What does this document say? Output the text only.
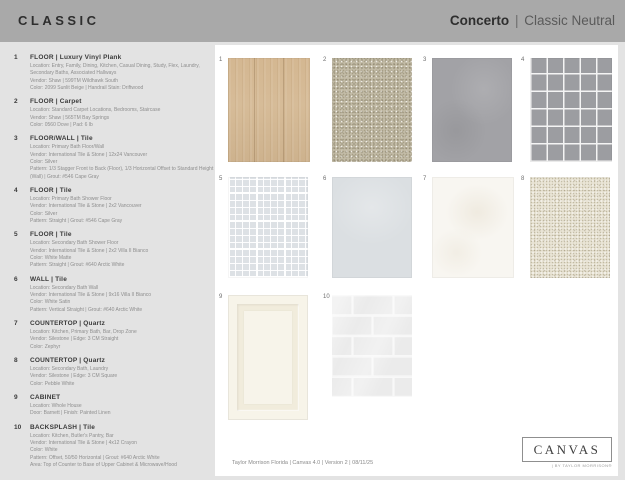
CLASSIC	Concerto | Classic Neutral
1	FLOOR | Luxury Vinyl Plank
Location: Entry, Family, Dining, Kitchen, Casual Dining, Study, Flex, Laundry, Secondary Baths, Associated Hallways
Vendor: Shaw | 599TM Wildhawk South
Color: 2099 Sunlit Beige | Handrail Stain: Driftwood
2	FLOOR | Carpet
Location: Standard Carpet Locations, Bedrooms, Staircase
Vendor: Shaw | 565TM Bay Springs
Color: 0560 Dove | Pad: 6 lb
3	FLOOR/WALL | Tile
Location: Primary Bath Floor/Wall
Vendor: International Tile & Stone | 12x24 Vancouver
Color: Silver
Pattern: 1/3 Stagger Front to Back (Floor), 1/3 Horizontal Offset to Standard Height (Wall) | Grout: #546 Cape Gray
4	FLOOR | Tile
Location: Primary Bath Shower Floor
Vendor: International Tile & Stone | 2x2 Vancouver
Color: Silver
Pattern: Straight | Grout: #546 Cape Gray
5	FLOOR | Tile
Location: Secondary Bath Shower Floor
Vendor: International Tile & Stone | 2x2 Villa II Bianco
Color: White Matte
Pattern: Straight | Grout: #640 Arctic White
6	WALL | Tile
Location: Secondary Bath Wall
Vendor: International Tile & Stone | 9x16 Villa II Bianco
Color: White Satin
Pattern: Vertical Straight | Grout: #640 Arctic White
7	COUNTERTOP | Quartz
Location: Kitchen, Primary Bath, Bar, Drop Zone
Vendor: Silestone | Edge: 3 CM Straight
Color: Zephyr
8	COUNTERTOP | Quartz
Location: Secondary Bath, Laundry
Vendor: Silestone | Edge: 3 CM Square
Color: Pebble White
9	CABINET
Location: Whole House
Door: Barnett | Finish: Painted Linen
10	BACKSPLASH | Tile
Location: Kitchen, Butler's Pantry, Bar
Vendor: International Tile & Stone | 4x12 Crayon
Color: White
Pattern: Offset, 50/50 Horizontal | Grout: #640 Arctic White
Area: Top of Counter to Base of Upper Cabinet & Microwave/Hood
1	2	3	4
5	6	7	8
9	10
Taylor Morrison Florida | Canvas 4.0 | Version 2 | 08/11/25
CANVAS
| BY TAYLOR MORRISON®
